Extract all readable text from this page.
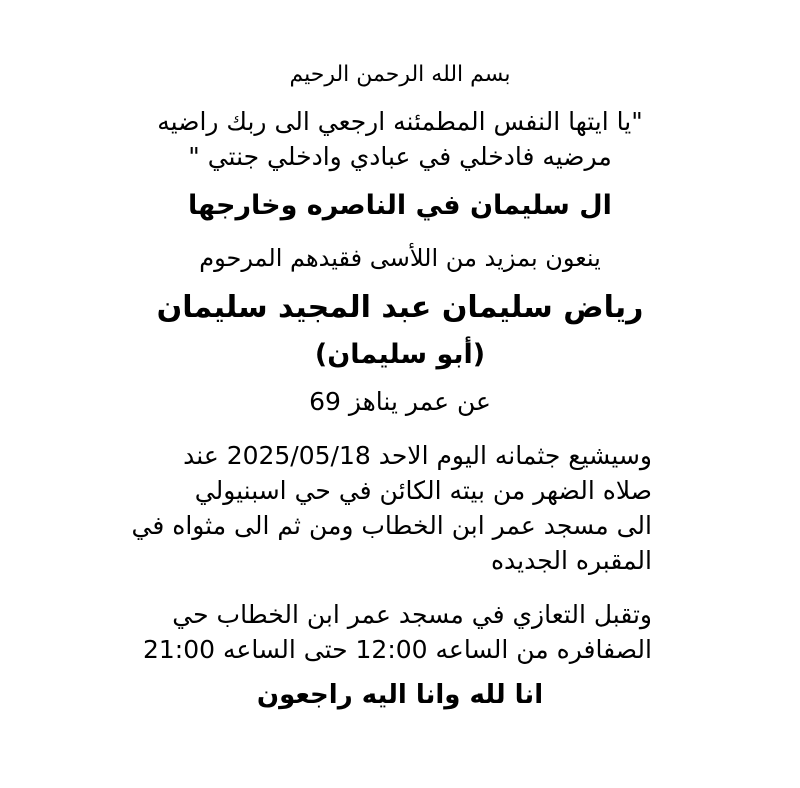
بسم الله الرحمن الرحيم

"يا ايتها النفس المطمئنه ارجعي الى ربك راضيه

مرضيه فادخلي في عبادي وادخلي جنتي "

ال سليمان في الناصره وخارجها

ينعون بمزيد من اللأسى فقيدهم المرحوم

رياض سليمان عبد المجيد سليمان

(أبو سليمان)

عن عمر يناهز 69

وسيشيع جثمانه اليوم الاحد 2025/05/18 عند
صلاه الضهر من بيته الكائن في حي اسبنيولي
الى مسجد عمر ابن الخطاب ومن ثم الى مثواه في
المقبره الجديده
وتقبل التعازي في مسجد عمر ابن الخطاب حي
الصفافره من الساعه 12:00 حتى الساعه 21:00

انا لله وانا اليه راجعون
